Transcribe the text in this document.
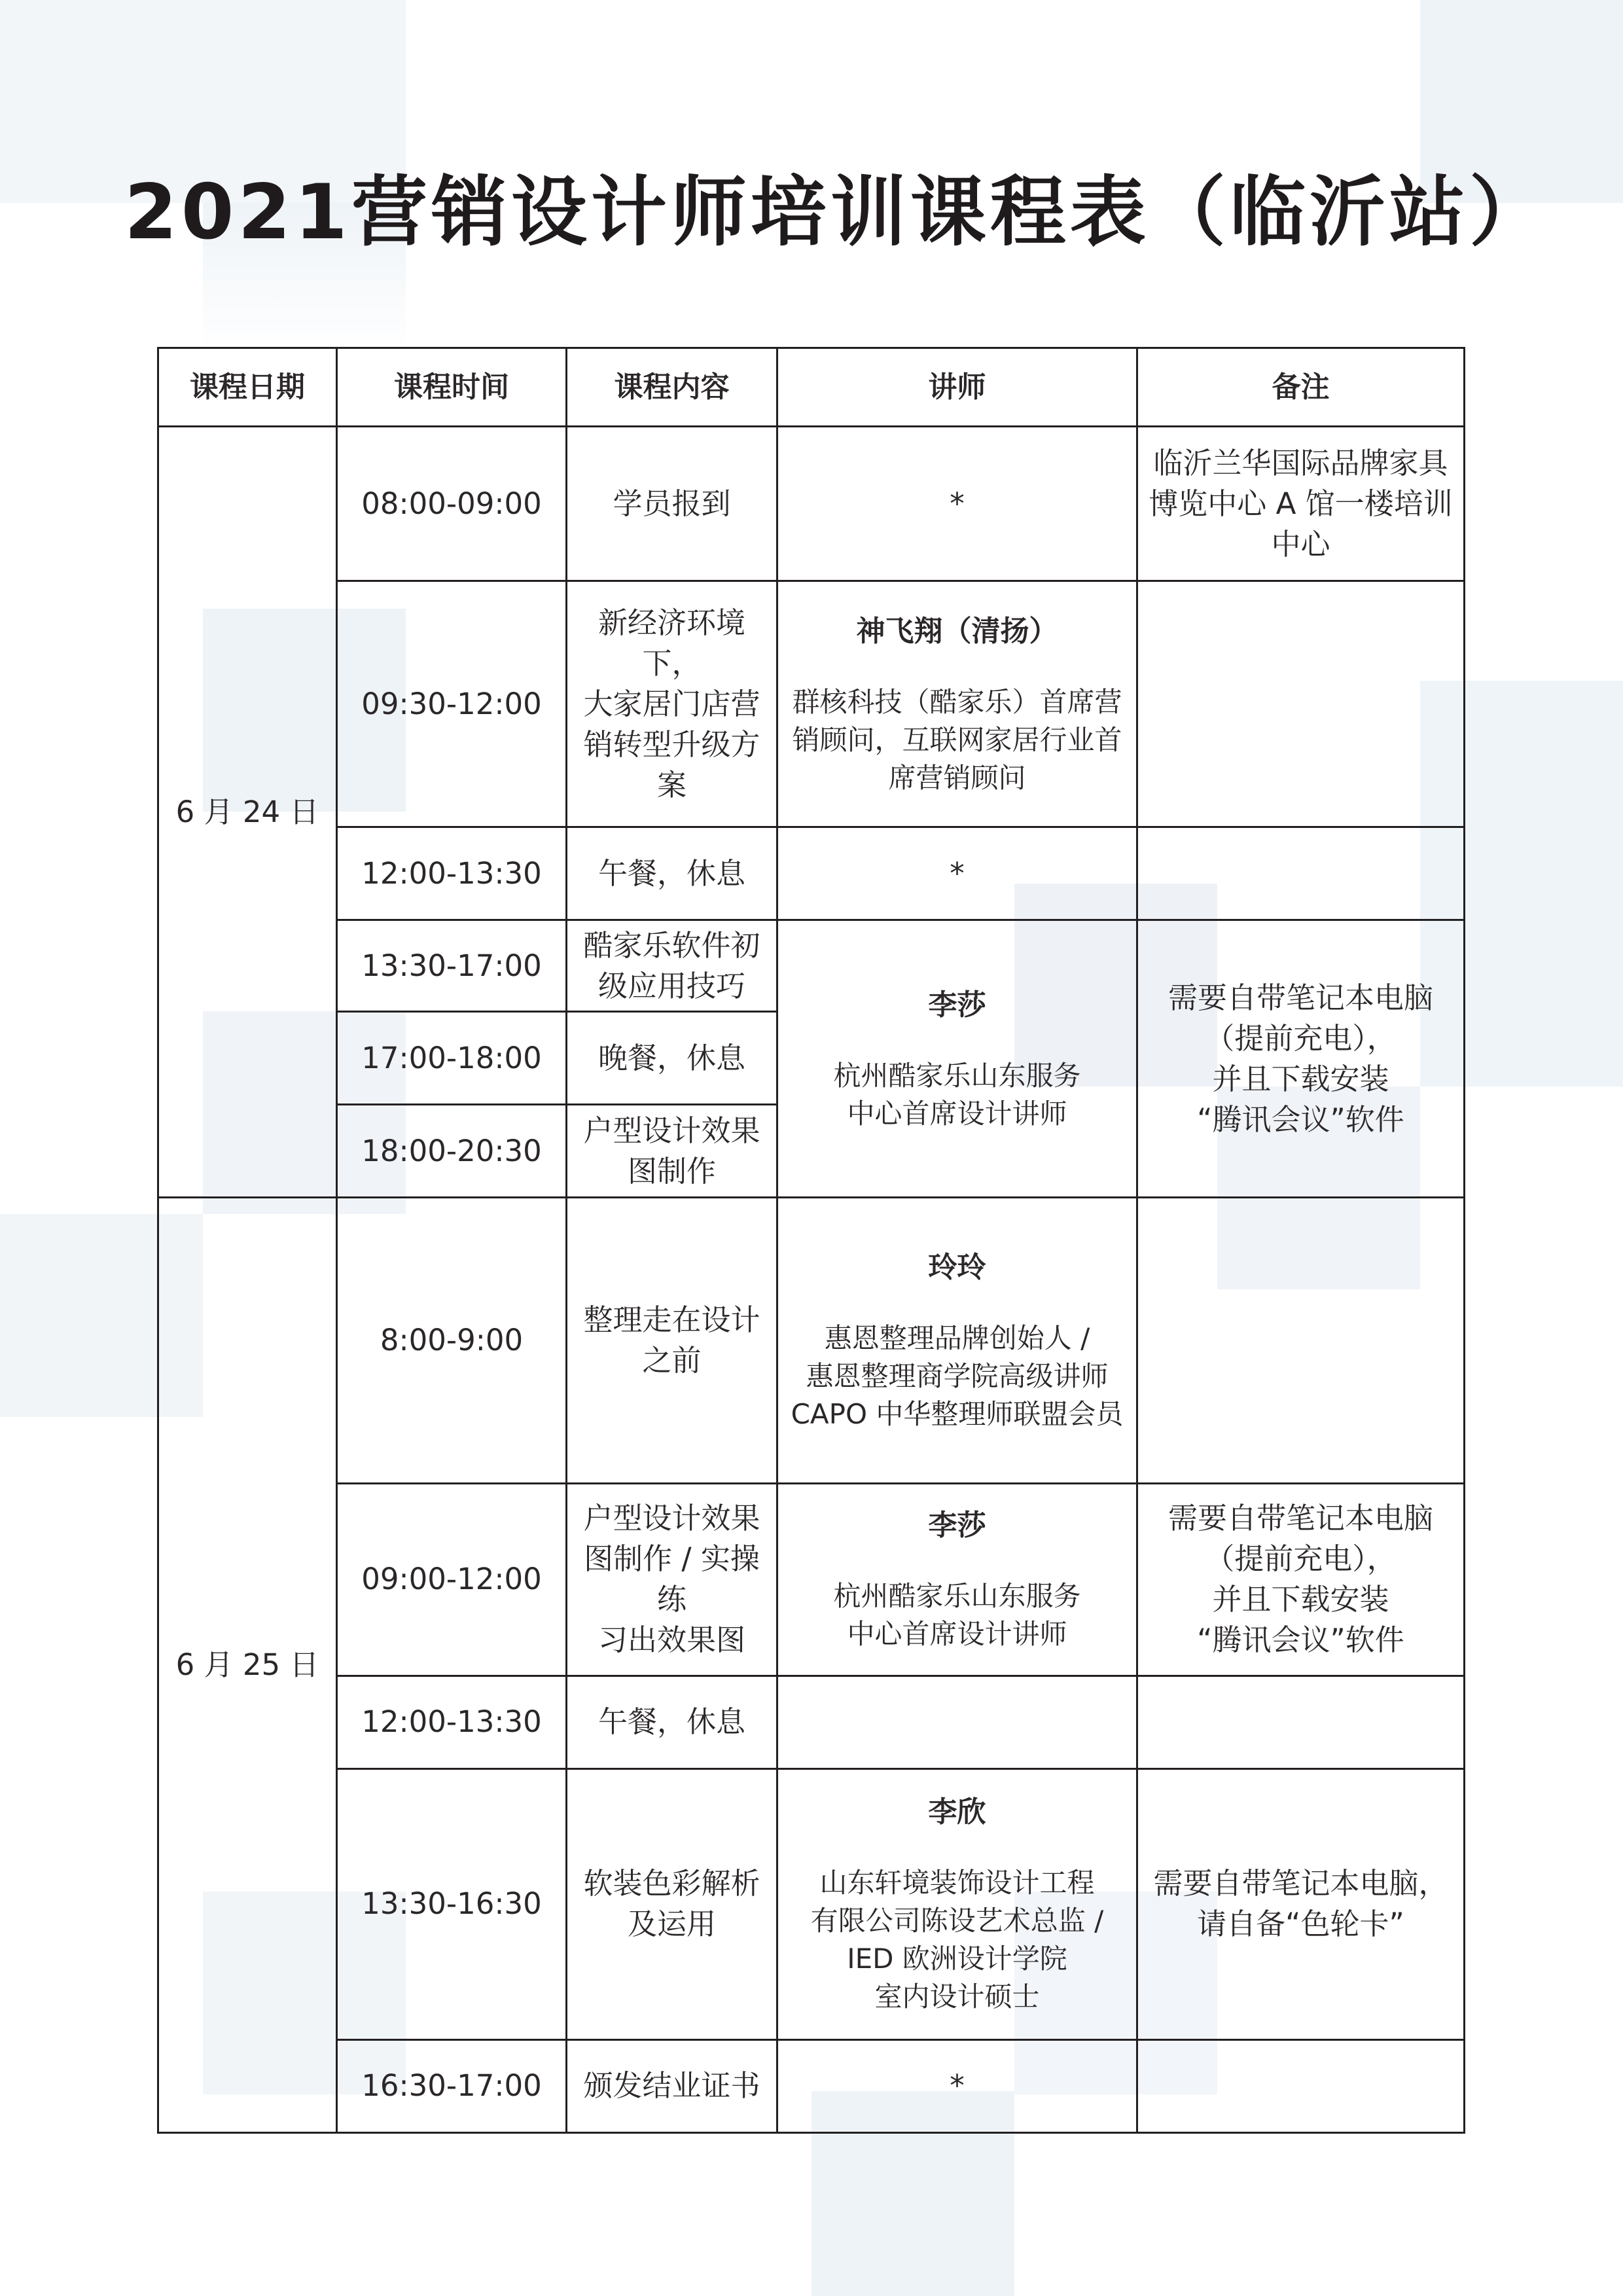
2021营销设计师培训课程表（临沂站）
课程日期	课程时间	课程内容	讲师	备注
6 月 24 日	08:00-09:00	学员报到	*	临沂兰华国际品牌家具
博览中心 A 馆一楼培训
中心
	09:30-12:00	新经济环境下，
大家居门店营
销转型升级方
案	神飞翔（清扬）
群核科技（酷家乐）首席营
销顾问，互联网家居行业首
席营销顾问	

	12:00-13:30	午餐，休息	*	
	13:30-17:00	酷家乐软件初
级应用技巧	李莎
杭州酷家乐山东服务
中心首席设计讲师	需要自带笔记本电脑
（提前充电），
并且下载安装
“腾讯会议”软件
	17:00-18:00	晚餐，休息		
	18:00-20:30	户型设计效果
图制作		
6 月 25 日	8:00-9:00	整理走在设计
之前	玲玲
惠恩整理品牌创始人 /
惠恩整理商学院高级讲师
CAPO 中华整理师联盟会员	

	09:00-12:00	户型设计效果
图制作 / 实操练
习出效果图	李莎
杭州酷家乐山东服务
中心首席设计讲师	需要自带笔记本电脑
（提前充电），
并且下载安装
“腾讯会议”软件
	12:00-13:30	午餐，休息		
	13:30-16:30	软装色彩解析
及运用	李欣
山东轩境装饰设计工程
有限公司陈设艺术总监 /
IED 欧洲设计学院
室内设计硕士	需要自带笔记本电脑，
请自备“色轮卡”
	16:30-17:00	颁发结业证书	*	
